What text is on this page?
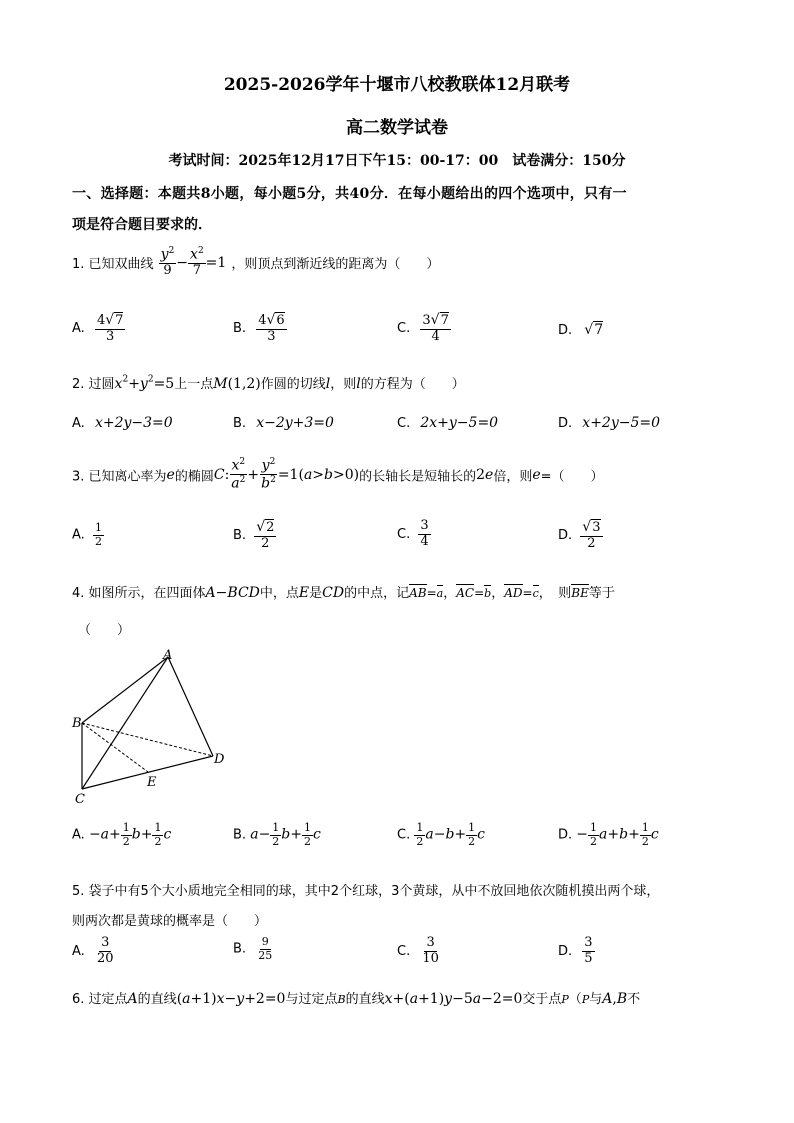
2025-2026学年十堰市八校教联体12月联考
高二数学试卷
考试时间：2025年12月17日下午15：00-17：00　试卷满分：150分
一、选择题：本题共8小题，每小题5分，共40分．在每小题给出的四个选项中，只有一
项是符合题目要求的．
1. 已知双曲线 $\frac{y^2}{9} - \frac{x^2}{7} =1$ ，则顶点到渐近线的距离为（　　）
A. $\frac{4√7}{3}$	B. $\frac{4√6}{3}$	C. $\frac{3√7}{4}$	D. √7
2. 过圆$x^2+y^2=5$上一点M(1,2)作圆的切线l，则l的方程为（　　）
A. x+2y−3=0	B. x−2y+3=0	C. 2x+y−5=0	D. x+2y−5=0
3. 已知离心率为e的椭圆C: $\frac{x^2}{a^2} + \frac{y^2}{b^2} =1(a>b>0)$的长轴长是短轴长的2e倍，则e=（　　）
A. $\frac{1}{2}$	B. $\frac{√2}{2}$	C. $\frac{3}{4}$	D. $\frac{√3}{2}$
4. 如图所示，在四面体A−BCD中，点E是CD的中点，记AB=a，AC=b，AD=c，　则BE等于
（　　）
A
B
C
D
E
A. $-a+ \frac{1}{2} b+ \frac{1}{2}$ c	B. $a- \frac{1}{2} b+ \frac{1}{2}$ c	C. $\frac{1}{2} a-b+ \frac{1}{2}$ c	D. − $\frac{1}{2} a+b+ \frac{1}{2}$ c
5. 袋子中有5个大小质地完全相同的球，其中2个红球，3个黄球，从中不放回地依次随机摸出两个球，
则两次都是黄球的概率是（　　）
A. $\frac{3}{20}$	B. $\frac{9}{25}$	C. $\frac{3}{10}$	D. $\frac{3}{5}$
6. 过定点A的直线(a+1)x−y+2=0与过定点B的直线x+(a+1)y−5a−2=0交于点P（P与A,B不
